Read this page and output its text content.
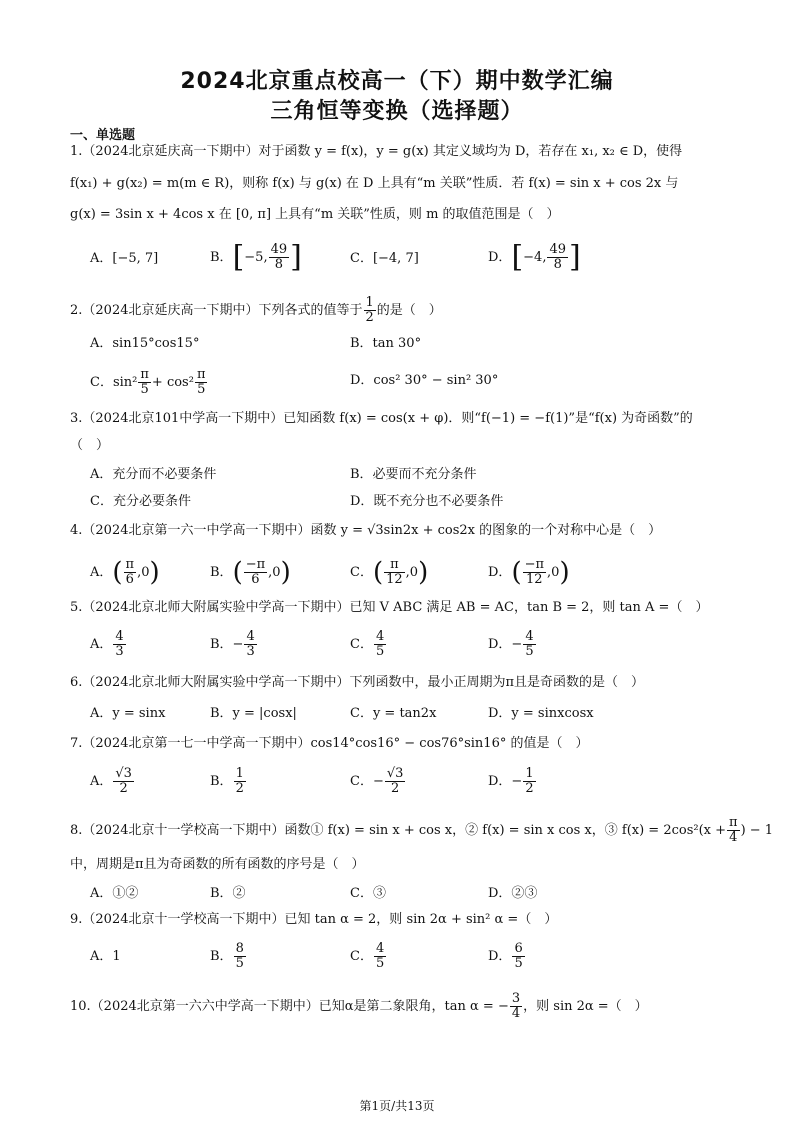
2024北京重点校高一（下）期中数学汇编
三角恒等变换（选择题）
一、单选题
1.（2024北京延庆高一下期中）对于函数 y = f(x)，y = g(x) 其定义域均为 D，若存在 x₁, x₂ ∈ D，使得
f(x₁) + g(x₂) = m(m ∈ R)，则称 f(x) 与 g(x) 在 D 上具有“m 关联”性质．若 f(x) = sin x + cos 2x 与
g(x) = 3sin x + 4cos x 在 [0, π] 上具有“m 关联”性质，则 m 的取值范围是（　）
A．[−5, 7]	B．[−5, $\frac{49}{8}$ ]	C．[−4, 7]	D．[−4, $\frac{49}{8}$ ]
2.（2024北京延庆高一下期中）下列各式的值等于 $\frac{1}{2}$ 的是（　）
A．sin15°cos15°	B．tan 30°
C．$\sin^2 \frac{\pi}{5} + \cos^2 \frac{\pi}{5}$	D．cos² 30° − sin² 30°
3.（2024北京101中学高一下期中）已知函数 f(x) = cos(x + φ)．则“f(−1) = −f(1)”是“f(x) 为奇函数”的
（　）
A．充分而不必要条件	B．必要而不充分条件
C．充分必要条件	D．既不充分也不必要条件
4.（2024北京第一六一中学高一下期中）函数 y = √3sin2x + cos2x 的图象的一个对称中心是（　）
A．( $\frac{\pi}{6} ,0$)	B．( $\frac{-\pi}{6} ,0$)	C．( $\frac{\pi}{12} ,0$)	D．( $\frac{-\pi}{12} ,0$)
5.（2024北京北师大附属实验中学高一下期中）已知 V ABC 满足 AB = AC，tan B = 2，则 tan A =（　）
A． $\frac{4}{3}$	B．− $\frac{4}{3}$	C． $\frac{4}{5}$	D．− $\frac{4}{5}$
6.（2024北京北师大附属实验中学高一下期中）下列函数中，最小正周期为π且是奇函数的是（　）
A．y = sinx	B．y = |cosx|	C．y = tan2x	D．y = sinxcosx
7.（2024北京第一七一中学高一下期中）cos14°cos16° − cos76°sin16° 的值是（　）
A． $\frac{√3}{2}$	B． $\frac{1}{2}$	C．− $\frac{√3}{2}$	D．− $\frac{1}{2}$
8.（2024北京十一学校高一下期中）函数① f(x) = sin x + cos x，② f(x) = sin x cos x，③ $f(x) = 2\cos^2(x + \frac{\pi}{4}$ ) − 1
中，周期是π且为奇函数的所有函数的序号是（　）
A．①②	B．②	C．③	D．②③
9.（2024北京十一学校高一下期中）已知 tan α = 2，则 sin 2α + sin² α =（　）
A．1	B． $\frac{8}{5}$	C． $\frac{4}{5}$	D． $\frac{6}{5}$
10.（2024北京第一六六中学高一下期中）已知α是第二象限角，tan α = − $\frac{3}{4}$ ，则 sin 2α =（　）
第1页/共13页
